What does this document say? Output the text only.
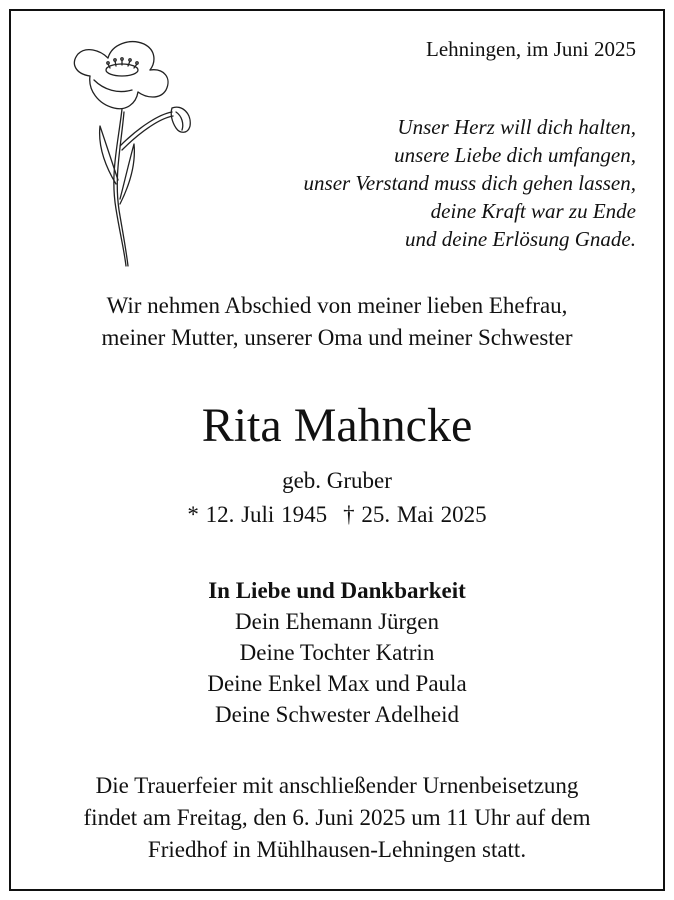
Lehningen, im Juni 2025
Unser Herz will dich halten,
unsere Liebe dich umfangen,
unser Verstand muss dich gehen lassen,
deine Kraft war zu Ende
und deine Erlösung Gnade.
Wir nehmen Abschied von meiner lieben Ehefrau,
meiner Mutter, unserer Oma und meiner Schwester
Rita Mahncke
geb. Gruber
* 12. Juli 1945 † 25. Mai 2025
In Liebe und Dankbarkeit
Dein Ehemann Jürgen
Deine Tochter Katrin
Deine Enkel Max und Paula
Deine Schwester Adelheid
Die Trauerfeier mit anschließender Urnenbeisetzung
findet am Freitag, den 6. Juni 2025 um 11 Uhr auf dem
Friedhof in Mühlhausen-Lehningen statt.
